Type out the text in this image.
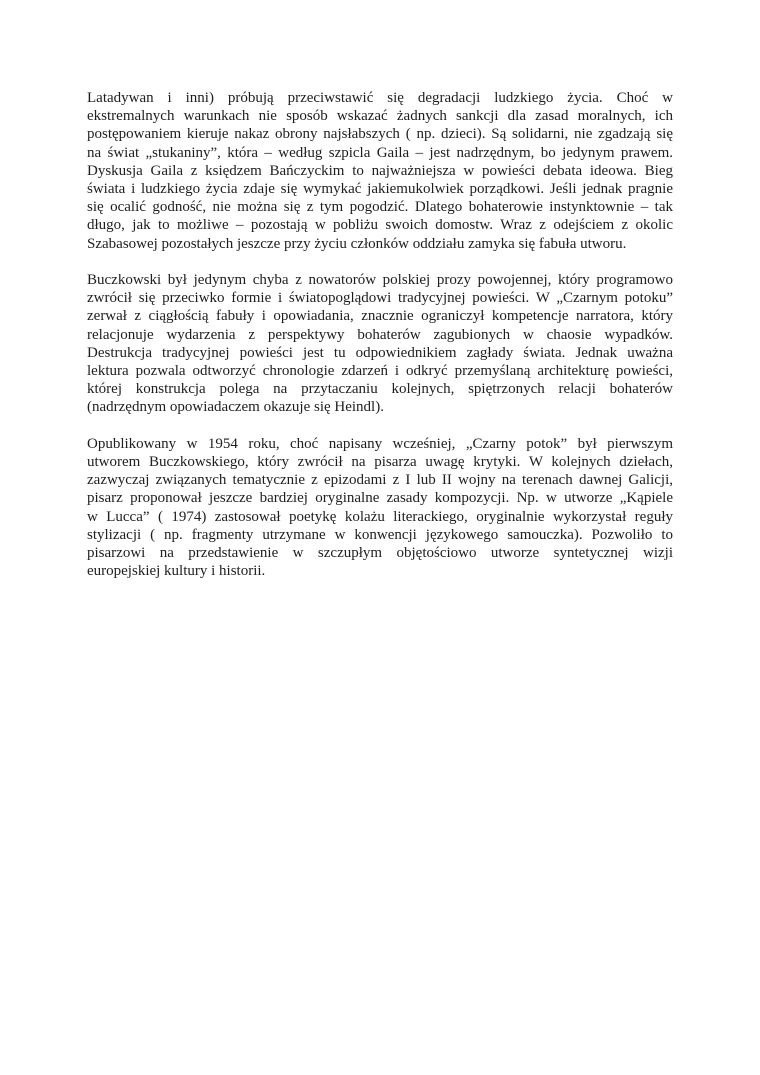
Latadywan i inni) próbują przeciwstawić się degradacji ludzkiego życia. Choć w
ekstremalnych warunkach nie sposób wskazać żadnych sankcji dla zasad moralnych, ich
postępowaniem kieruje nakaz obrony najsłabszych ( np. dzieci). Są solidarni, nie zgadzają się
na świat „stukaniny”, która – według szpicla Gaila – jest nadrzędnym, bo jedynym prawem.
Dyskusja Gaila z księdzem Bańczyckim to najważniejsza w powieści debata ideowa. Bieg
świata i ludzkiego życia zdaje się wymykać jakiemukolwiek porządkowi. Jeśli jednak pragnie
się ocalić godność, nie można się z tym pogodzić. Dlatego bohaterowie instynktownie – tak
długo, jak to możliwe – pozostają w pobliżu swoich domostw. Wraz z odejściem z okolic
Szabasowej pozostałych jeszcze przy życiu członków oddziału zamyka się fabuła utworu.

Buczkowski był jedynym chyba z nowatorów polskiej prozy powojennej, który programowo
zwrócił się przeciwko formie i światopoglądowi tradycyjnej powieści. W „Czarnym potoku”
zerwał z ciągłością fabuły i opowiadania, znacznie ograniczył kompetencje narratora, który
relacjonuje wydarzenia z perspektywy bohaterów zagubionych w chaosie wypadków.
Destrukcja tradycyjnej powieści jest tu odpowiednikiem zagłady świata. Jednak uważna
lektura pozwala odtworzyć chronologie zdarzeń i odkryć przemyślaną architekturę powieści,
której konstrukcja polega na przytaczaniu kolejnych, spiętrzonych relacji bohaterów
(nadrzędnym opowiadaczem okazuje się Heindl).

Opublikowany w 1954 roku, choć napisany wcześniej, „Czarny potok” był pierwszym
utworem Buczkowskiego, który zwrócił na pisarza uwagę krytyki. W kolejnych dziełach,
zazwyczaj związanych tematycznie z epizodami z I lub II wojny na terenach dawnej Galicji,
pisarz proponował jeszcze bardziej oryginalne zasady kompozycji. Np. w utworze „Kąpiele
w Lucca” ( 1974) zastosował poetykę kolażu literackiego, oryginalnie wykorzystał reguły
stylizacji ( np. fragmenty utrzymane w konwencji językowego samouczka). Pozwoliło to
pisarzowi na przedstawienie w szczupłym objętościowo utworze syntetycznej wizji
europejskiej kultury i historii.
